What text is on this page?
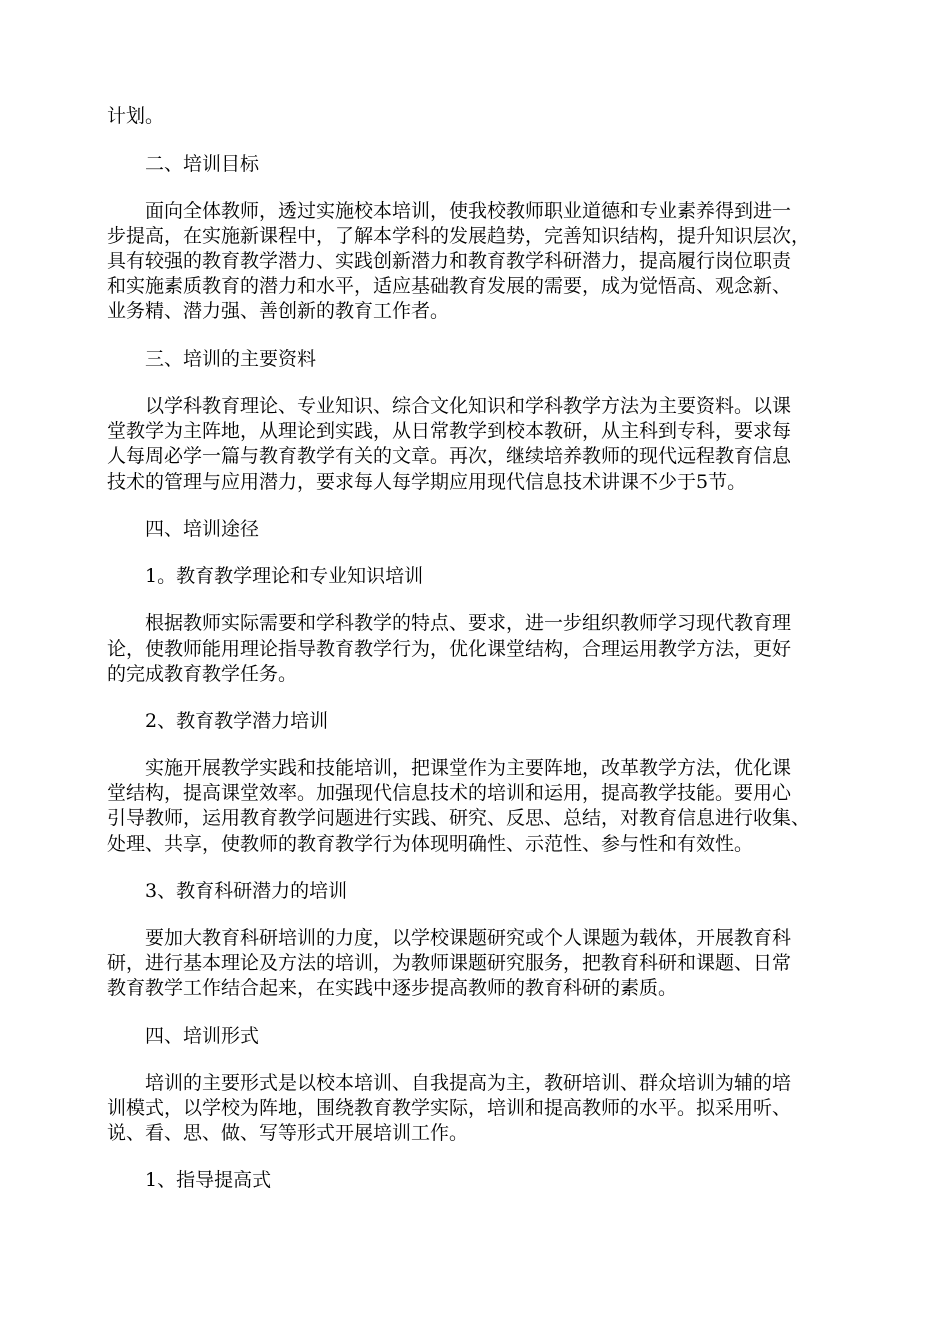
计划。

　　二、培训目标

　　面向全体教师，透过实施校本培训，使我校教师职业道德和专业素养得到进一

步提高，在实施新课程中，了解本学科的发展趋势，完善知识结构，提升知识层次，

具有较强的教育教学潜力、实践创新潜力和教育教学科研潜力，提高履行岗位职责

和实施素质教育的潜力和水平，适应基础教育发展的需要，成为觉悟高、观念新、

业务精、潜力强、善创新的教育工作者。

　　三、培训的主要资料

　　以学科教育理论、专业知识、综合文化知识和学科教学方法为主要资料。以课

堂教学为主阵地，从理论到实践，从日常教学到校本教研，从主科到专科，要求每

人每周必学一篇与教育教学有关的文章。再次，继续培养教师的现代远程教育信息

技术的管理与应用潜力，要求每人每学期应用现代信息技术讲课不少于5节。

　　四、培训途径

　　1。教育教学理论和专业知识培训

　　根据教师实际需要和学科教学的特点、要求，进一步组织教师学习现代教育理

论，使教师能用理论指导教育教学行为，优化课堂结构，合理运用教学方法，更好

的完成教育教学任务。

　　2、教育教学潜力培训

　　实施开展教学实践和技能培训，把课堂作为主要阵地，改革教学方法，优化课

堂结构，提高课堂效率。加强现代信息技术的培训和运用，提高教学技能。要用心

引导教师，运用教育教学问题进行实践、研究、反思、总结，对教育信息进行收集、

处理、共享，使教师的教育教学行为体现明确性、示范性、参与性和有效性。

　　3、教育科研潜力的培训

　　要加大教育科研培训的力度，以学校课题研究或个人课题为载体，开展教育科

研，进行基本理论及方法的培训，为教师课题研究服务，把教育科研和课题、日常

教育教学工作结合起来，在实践中逐步提高教师的教育科研的素质。

　　四、培训形式

　　培训的主要形式是以校本培训、自我提高为主，教研培训、群众培训为辅的培

训模式，以学校为阵地，围绕教育教学实际，培训和提高教师的水平。拟采用听、

说、看、思、做、写等形式开展培训工作。

　　1、指导提高式
